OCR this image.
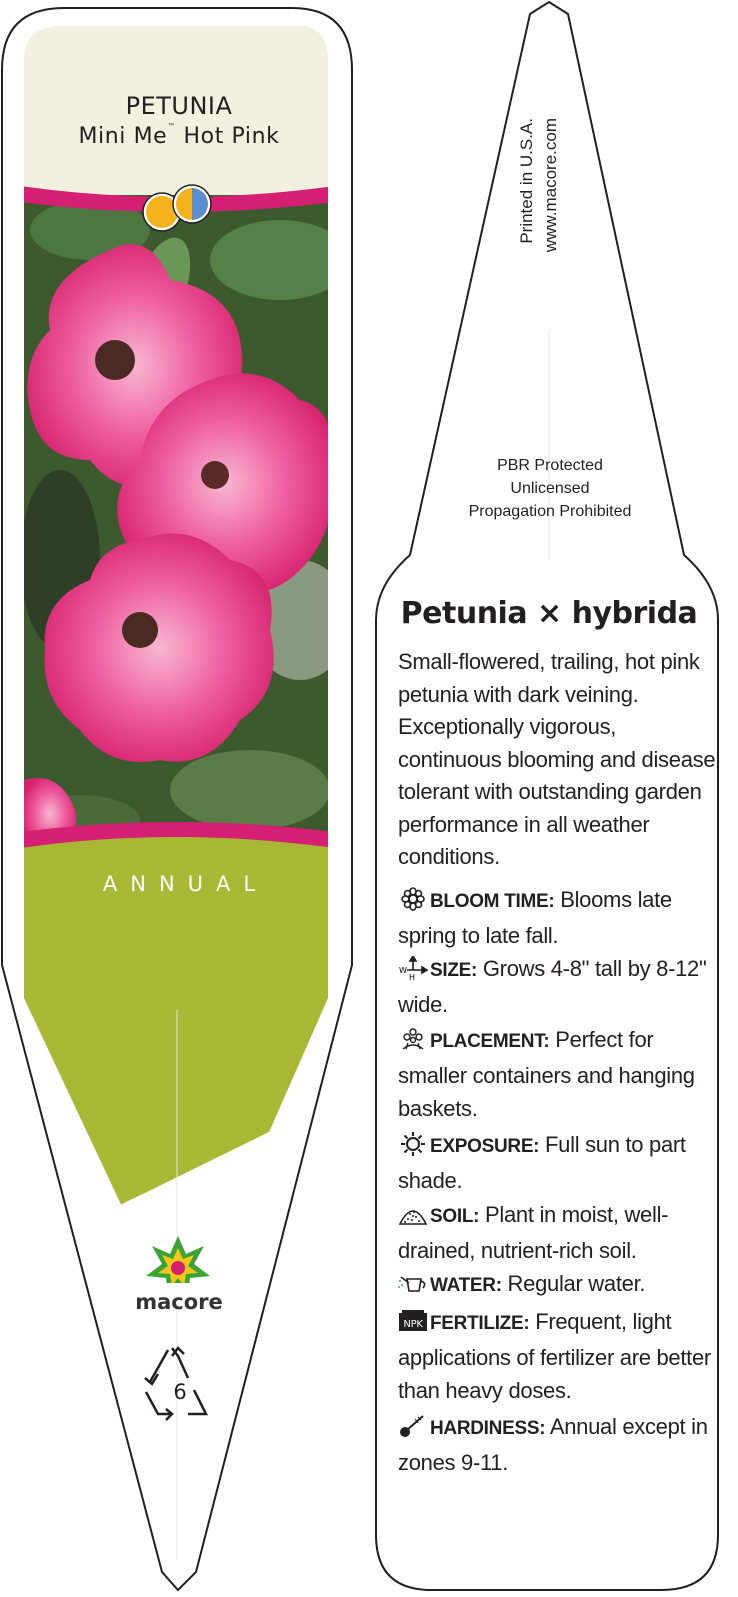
PETUNIA
Mini Me™ Hot Pink
ANNUAL
macore
6
Printed in U.S.A. www.macore.com
PBR Protected
Unlicensed
Propagation Prohibited
Petunia × hybrida
Small-flowered, trailing, hot pink petunia with dark veining. Exceptionally vigorous, continuous blooming and disease tolerant with outstanding garden performance in all weather conditions.
BLOOM TIME: Blooms late spring to late fall.
W
H SIZE: Grows 4-8" tall by 8-12" wide.
PLACEMENT: Perfect for smaller containers and hanging baskets.
EXPOSURE: Full sun to part shade.
SOIL: Plant in moist, well-drained, nutrient-rich soil.
WATER: Regular water.
NPK FERTILIZE: Frequent, light applications of fertilizer are better than heavy doses.
HARDINESS: Annual except in zones 9-11.
